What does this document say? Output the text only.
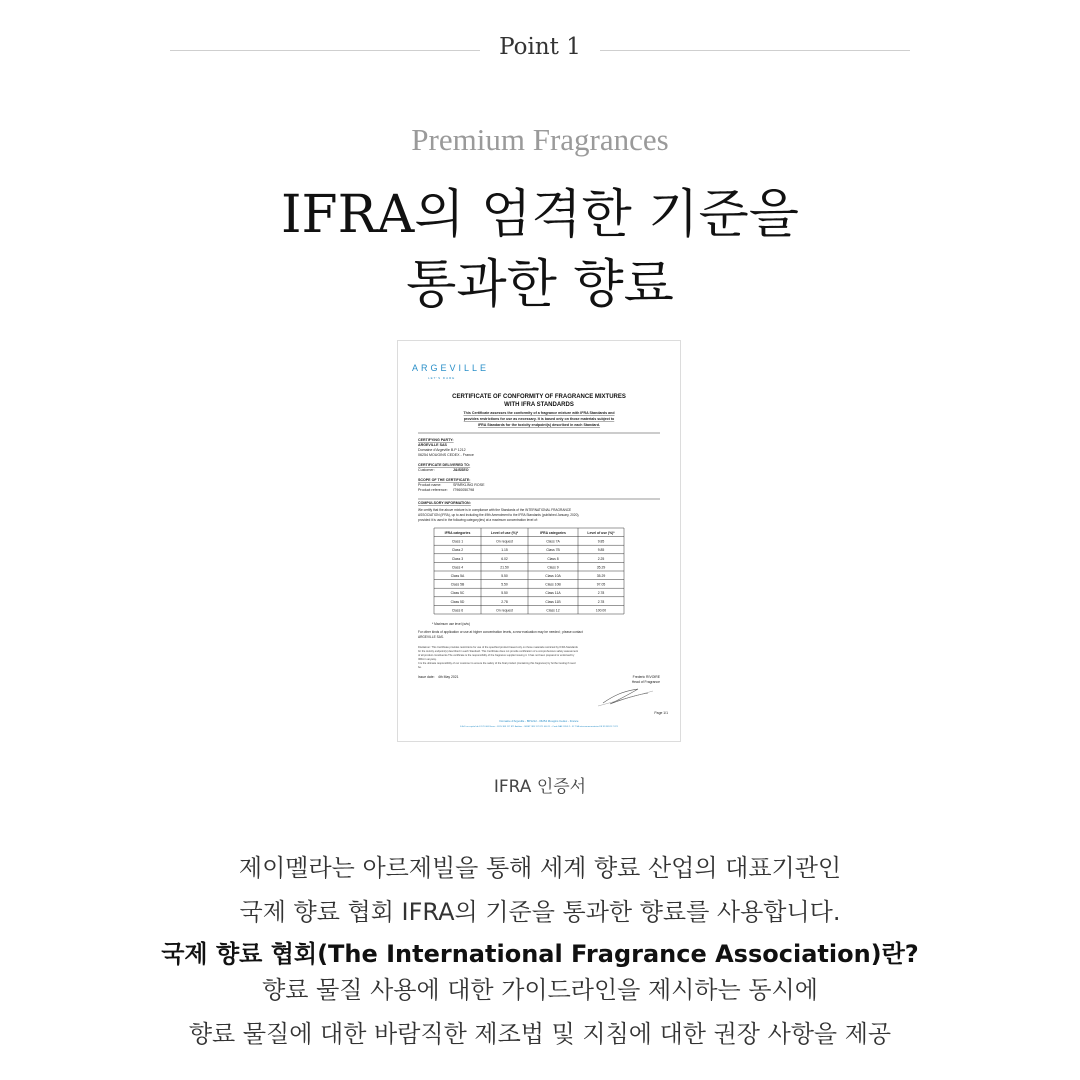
Point 1
Premium Fragrances
IFRA의 엄격한 기준을
통과한 향료
ARGEVILLE
LET'S DARE
CERTIFICATE OF CONFORMITY OF FRAGRANCE MIXTURES
WITH IFRA STANDARDS
This Certificate assesses the conformity of a fragrance mixture with IFRA Standards and
provides restrictions for use as necessary. It is based only on those materials subject to
IFRA Standards for the toxicity endpoint(s) described in each Standard.
CERTIFYING PARTY:
ARGEVILLE SAS
Domaine d'Argeville B.P 1212
06254 MOUGINS CEDEX - France
CERTIFICATE DELIVERED TO:
Customer:	J&ISSEO
SCOPE OF THE CERTIFICATE:
Product name:	SPARKLING ROSE
Product reference: IT960050798
COMPULSORY INFORMATION:
We certify that the above mixture is in compliance with the Standards of the INTERNATIONAL FRAGRANCE
ASSOCIATION (IFRA), up to and including the 49th Amendment to the IFRA Standards (published January, 2020),
provided it is used in the following category(ies) at a maximum concentration level of:
IFRA categories	Level of use (%)*	IFRA categories	Level of use (%)*
Class 1	On request	Class 7A	9.85
Class 2	1.15	Class 7B	9.85
Class 3	6.02	Class 8	2.25
Class 4	21.50	Class 9	35.29
Class 5A	5.50	Class 10A	35.29
Class 5B	5.50	Class 10B	97.05
Class 5C	5.50	Class 11A	2.78
Class 5D	2.78	Class 11B	2.78
Class 6	On request	Class 12	100.00
* Maximum use level (w/w)
For other kinds of application or use at higher concentration levels, a new evaluation may be needed ; please contact
ARGEVILLE SAS.
Disclaimer: This Certificate provides restrictions for use of the specified product based only on those materials restricted by IFRA Standards
for the toxicity endpoint(s) described in each Standard. This Certificate does not provide certification of a comprehensive safety assessment
of all product constituents.The certificate is the responsibility of the fragrance supplier issuing it. It has not been prepared or endorsed by
IFRA in anyway.
It is the ultimate responsibility of our customer to ensure the safety of the final product (containing this fragrance) by further testing if need
be.
Issue date: 4th May 2021	Frederic RIVOIRE
Head of Fragrance
Page 1/1
Domaine d'Argeville - BP1212 - 06254 Mougins Cedex - France
S.A.S au capital de 8 170 000 Euros - RCS 383 117 871 Antibes - SIRET 383 117 871 000 11 - Code NAF 2053 Z - N° TVA intracommunautaire FR 39 383 117 871
IFRA 인증서
제이멜라는 아르제빌을 통해 세계 향료 산업의 대표기관인
국제 향료 협회 IFRA의 기준을 통과한 향료를 사용합니다.
국제 향료 협회(The International Fragrance Association)란?
향료 물질 사용에 대한 가이드라인을 제시하는 동시에
향료 물질에 대한 바람직한 제조법 및 지침에 대한 권장 사항을 제공
